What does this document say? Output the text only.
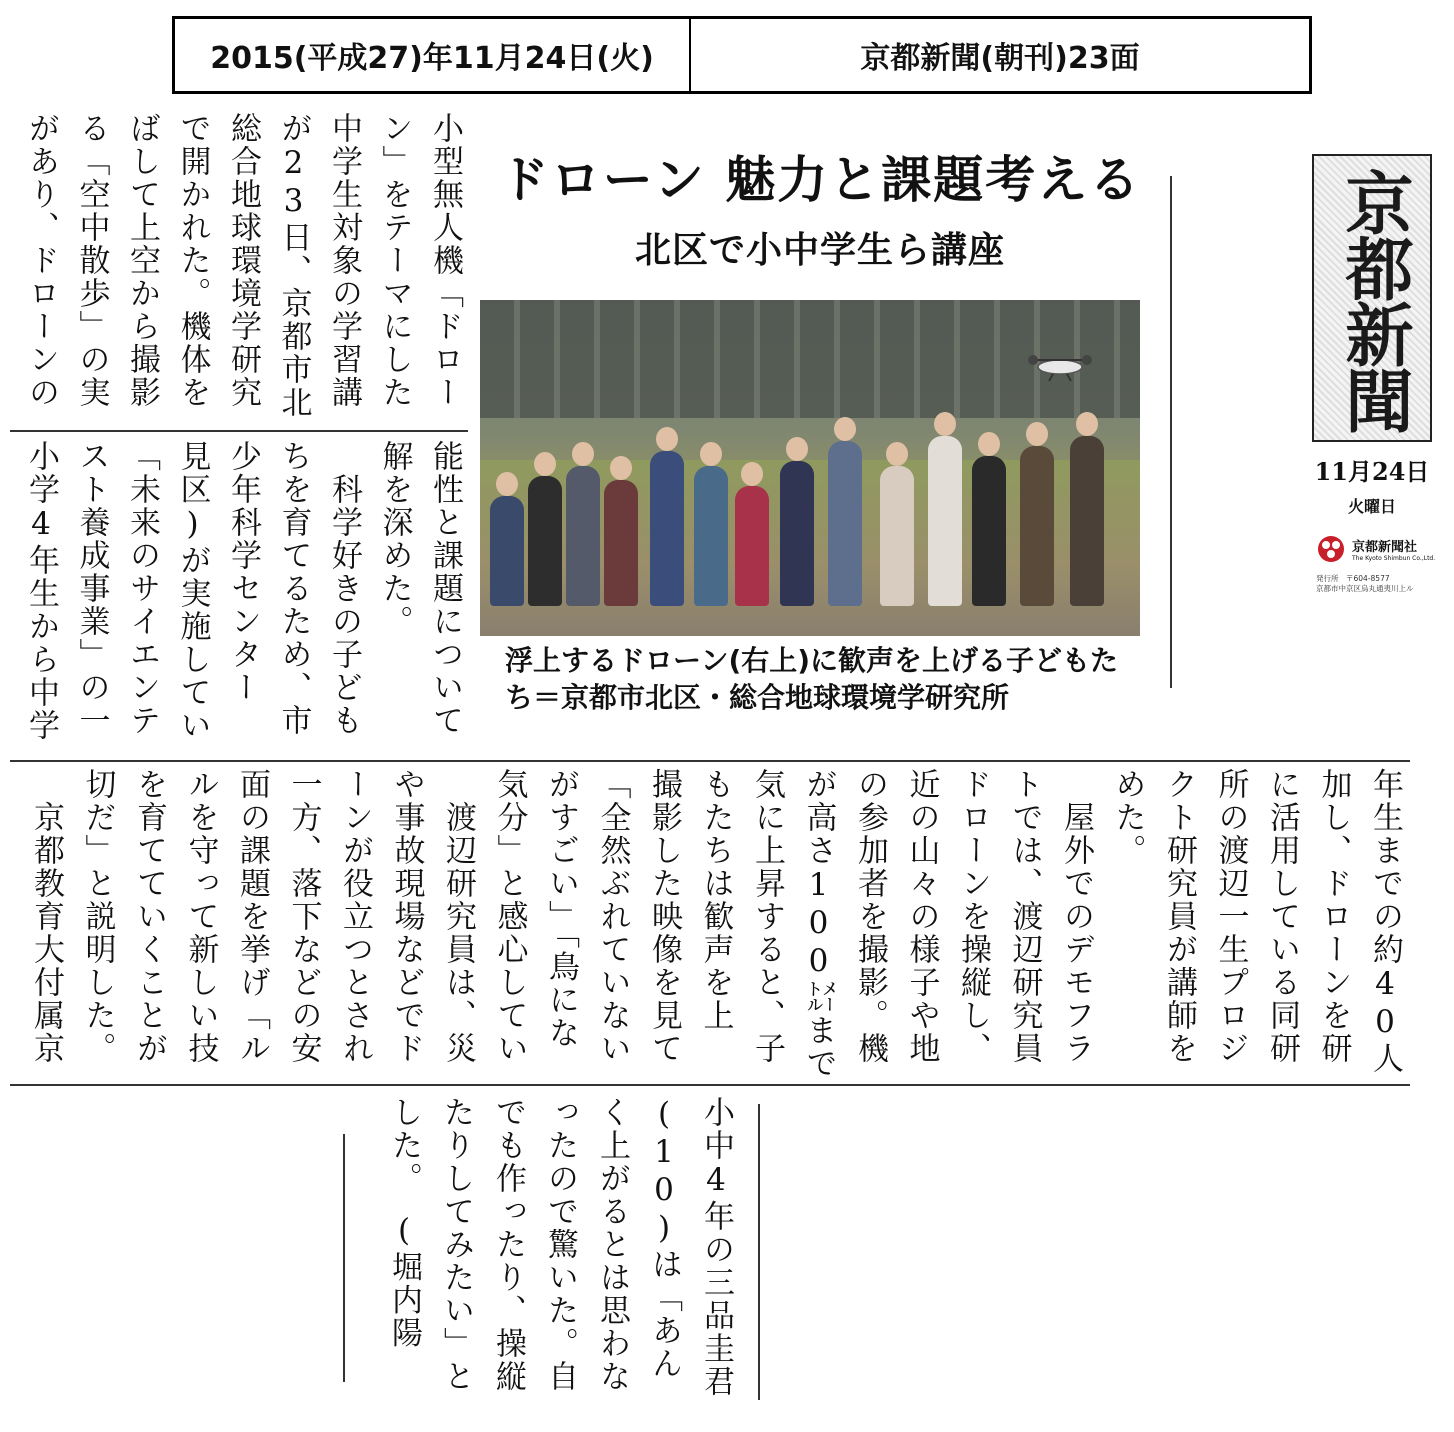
2015(平成27)年11月24日(火)	京都新聞(朝刊)23面
小型無人機「ドロー
ン」をテーマにした
中学生対象の学習講
が23日、京都市北
総合地球環境学研究
で開かれた。機体を
ばして上空から撮影
る「空中散歩」の実
があり、ドローンの
能性と課題について
解を深めた。
　科学好きの子ども
ちを育てるため、市
少年科学センター
見区)が実施してい
「未来のサイエンテ
スト養成事業」の一
小学4年生から中学
ドローン 魅力と課題考える
北区で小中学生ら講座
浮上するドローン(右上)に歓声を上げる子どもたち＝京都市北区・総合地球環境学研究所
年生までの約40人
加し、ドローンを研
に活用している同研
所の渡辺一生プロジ
クト研究員が講師を
めた。
　屋外でのデモフラ
トでは、渡辺研究員
ドローンを操縦し、
近の山々の様子や地
の参加者を撮影。機
が高さ100㍍まで
気に上昇すると、子
もたちは歓声を上
撮影した映像を見て
「全然ぶれていない
がすごい」「鳥にな
気分」と感心してい
　渡辺研究員は、災
や事故現場などでド
ーンが役立つとされ
一方、落下などの安
面の課題を挙げ「ル
ルを守って新しい技
を育てていくことが
切だ」と説明した。
　京都教育大付属京
小中4年の三品圭君
(10)は「あん
く上がるとは思わな
ったので驚いた。自
でも作ったり、操縦
たりしてみたい」と
した。　(堀内陽
京都新聞
11月24日
火曜日
京都新聞社
The Kyoto Shimbun Co.,Ltd.
発行所　〒604-8577
京都市中京区烏丸通夷川上ル
